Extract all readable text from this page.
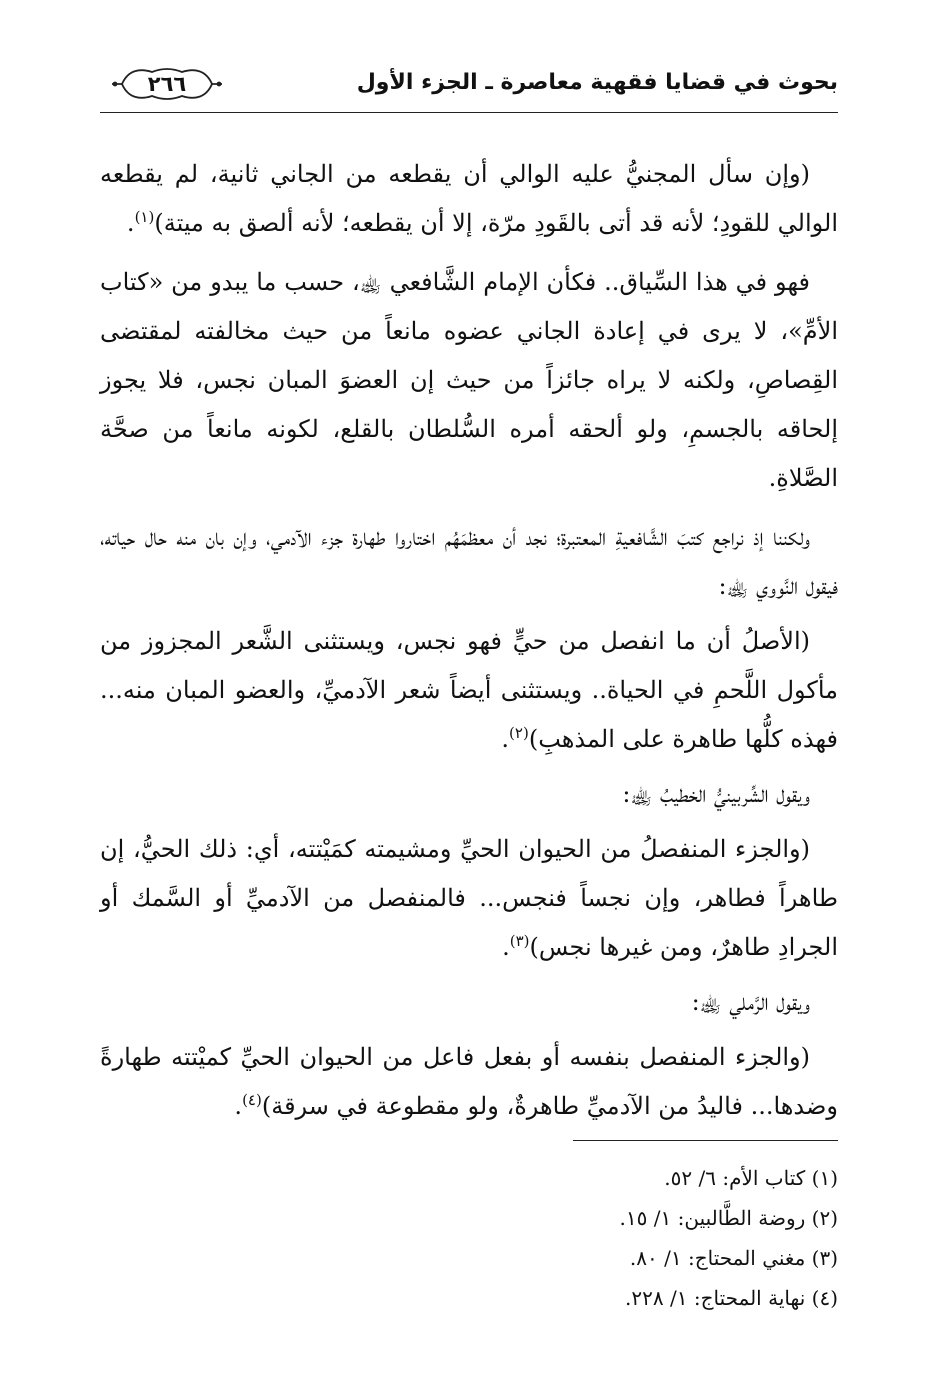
بحوث في قضايا فقهية معاصرة ـ الجزء الأول
٢٦٦

(وإن سأل المجنيُّ عليه الوالي أن يقطعه من الجاني ثانية، لم يقطعه الوالي للقودِ؛ لأنه قد أتى بالقَودِ مرّة، إلا أن يقطعه؛ لأنه ألصق به ميتة)$^{(١)}$.

فهو في هذا السِّياق.. فكأن الإمام الشَّافعي ﵀، حسب ما يبدو من «كتاب الأمِّ»، لا يرى في إعادة الجاني عضوه مانعاً من حيث مخالفته لمقتضى القِصاصِ، ولكنه لا يراه جائزاً من حيث إن العضوَ المبان نجس، فلا يجوز إلحاقه بالجسمِ، ولو ألحقه أمره السُّلطان بالقلع، لكونه مانعاً من صحَّة الصَّلاةِ.

ولكننا إذ نراجع كتبَ الشَّافعيةِ المعتبرة؛ نجد أن معظمَهُم اختاروا طهارة جزء الآدمي، وإن بان منه حال حياته، فيقول النَّووي ﵀:

(الأصلُ أن ما انفصل من حيٍّ فهو نجس، ويستثنى الشَّعر المجزوز من مأكول اللَّحمِ في الحياة.. ويستثنى أيضاً شعر الآدميِّ، والعضو المبان منه... فهذه كلُّها طاهرة على المذهبِ)$^{(٢)}$.

ويقول الشِّربينيُّ الخطيبُ ﵀:

(والجزء المنفصلُ من الحيوان الحيِّ ومشيمته كمَيْتته، أي: ذلك الحيُّ، إن طاهراً فطاهر، وإن نجساً فنجس... فالمنفصل من الآدميِّ أو السَّمك أو الجرادِ طاهرٌ، ومن غيرها نجس)$^{(٣)}$.

ويقول الرَّملي ﵀:

(والجزء المنفصل بنفسه أو بفعل فاعل من الحيوان الحيِّ كميْتته طهارةً وضدها... فاليدُ من الآدميِّ طاهرةٌ، ولو مقطوعة في سرقة)$^{(٤)}$.

(١) كتاب الأم: ٦/ ٥٢.
(٢) روضة الطَّالبين: ١/ ١٥.
(٣) مغني المحتاج: ١/ ٨٠.
(٤) نهاية المحتاج: ١/ ٢٢٨.
